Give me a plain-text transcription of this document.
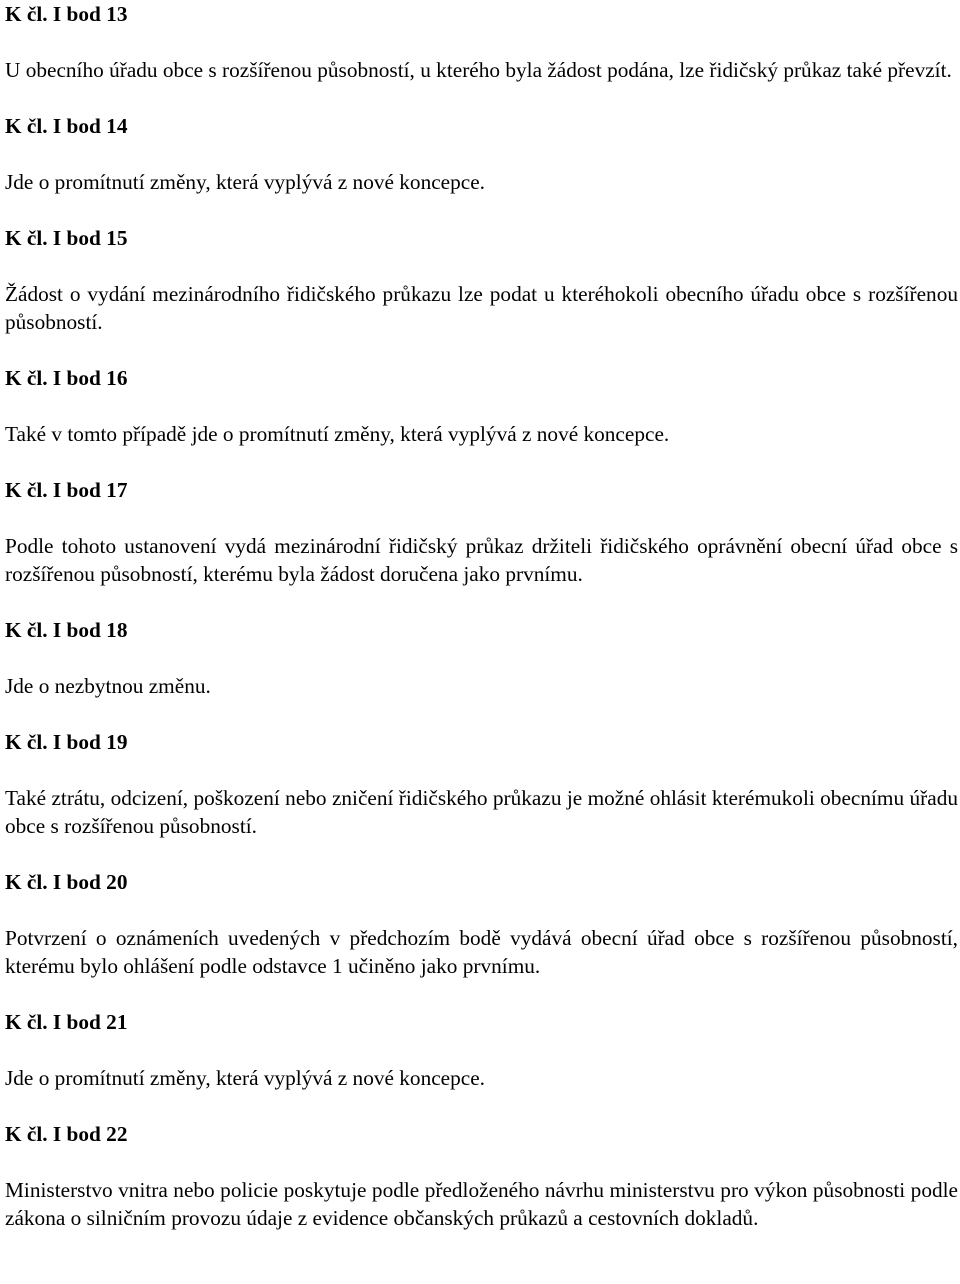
K čl. I bod 13
U obecního úřadu obce s rozšířenou působností, u kterého byla žádost podána, lze řidičský průkaz také převzít.
K čl. I bod 14
Jde o promítnutí změny, která vyplývá z nové koncepce.
K čl. I bod 15
Žádost o vydání mezinárodního řidičského průkazu lze podat u kteréhokoli obecního úřadu obce s rozšířenou působností.
K čl. I bod 16
Také v tomto případě jde o promítnutí změny, která vyplývá z nové koncepce.
K čl. I bod 17
Podle tohoto ustanovení vydá mezinárodní řidičský průkaz držiteli řidičského oprávnění obecní úřad obce s rozšířenou působností, kterému byla žádost doručena jako prvnímu.
K čl. I bod 18
Jde o nezbytnou změnu.
K čl. I bod 19
Také ztrátu, odcizení, poškození nebo zničení řidičského průkazu je možné ohlásit kterémukoli obecnímu úřadu obce s rozšířenou působností.
K čl. I bod 20
Potvrzení o oznámeních uvedených v předchozím bodě vydává obecní úřad obce s rozšířenou působností, kterému bylo ohlášení podle odstavce 1 učiněno jako prvnímu.
K čl. I bod 21
Jde o promítnutí změny, která vyplývá z nové koncepce.
K čl. I bod 22
Ministerstvo vnitra nebo policie poskytuje podle předloženého návrhu ministerstvu pro výkon působnosti podle zákona o silničním provozu údaje z evidence občanských průkazů a cestovních dokladů.
